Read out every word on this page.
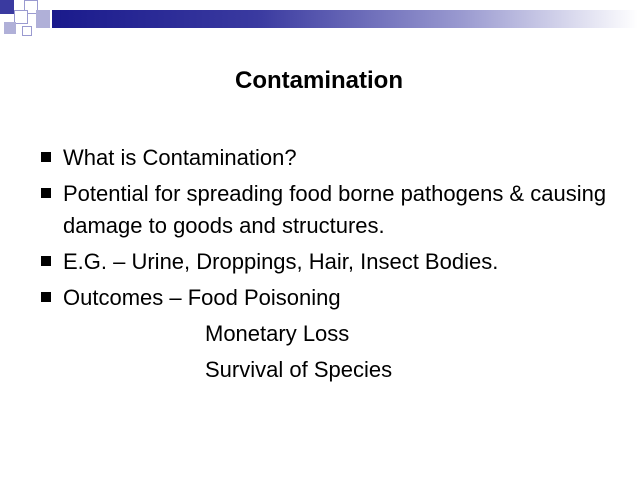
Contamination
What is Contamination?
Potential for spreading food borne pathogens & causing damage to goods and structures.
E.G. – Urine, Droppings, Hair, Insect Bodies.
Outcomes – Food Poisoning
Monetary Loss
Survival of Species
